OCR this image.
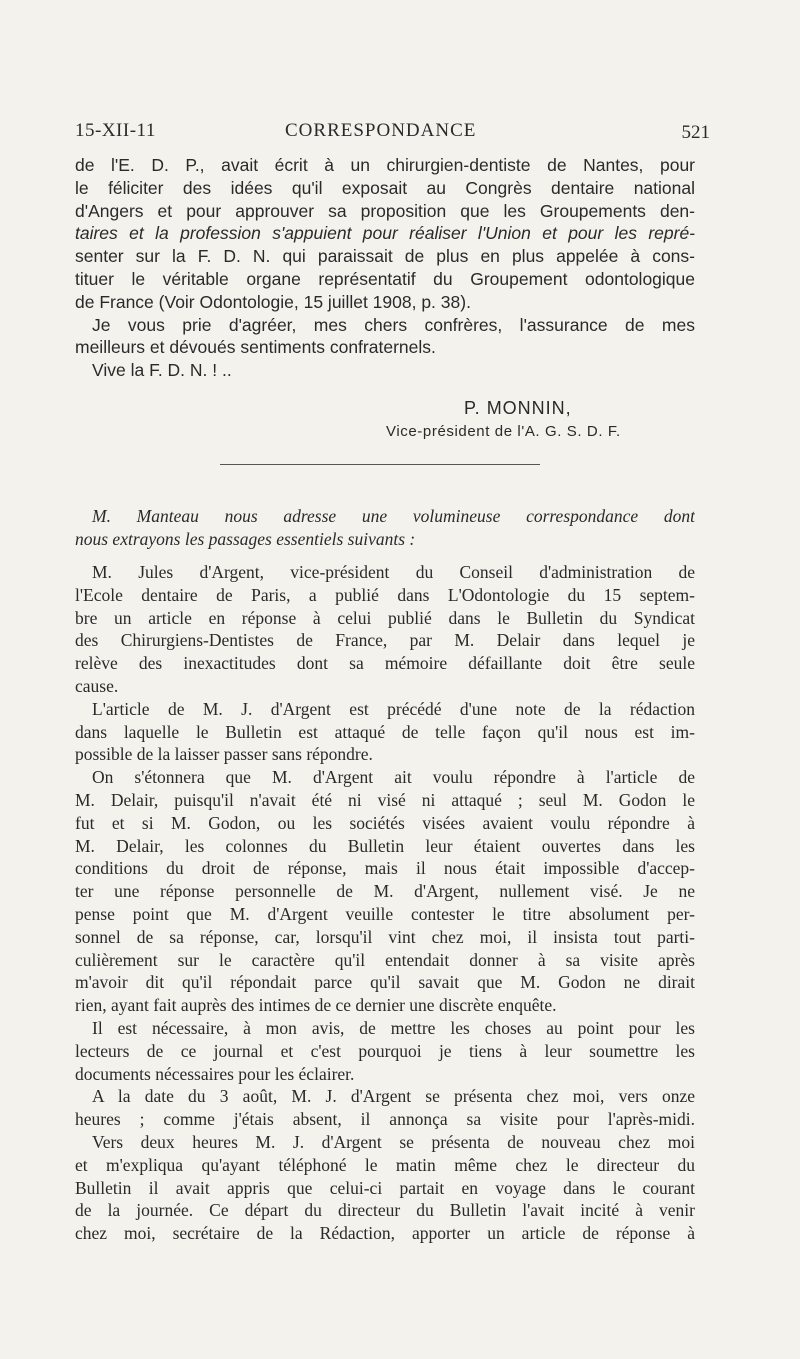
15-XII-11	CORRESPONDANCE	521
de l'E. D. P., avait écrit à un chirurgien-dentiste de Nantes, pour
le féliciter des idées qu'il exposait au Congrès dentaire national
d'Angers et pour approuver sa proposition que les Groupements den-
taires et la profession s'appuient pour réaliser l'Union et pour les repré-
senter sur la F. D. N. qui paraissait de plus en plus appelée à cons-
tituer le véritable organe représentatif du Groupement odontologique
de France (Voir Odontologie, 15 juillet 1908, p. 38).
Je vous prie d'agréer, mes chers confrères, l'assurance de mes
meilleurs et dévoués sentiments confraternels.
Vive la F. D. N. ! ..
P. MONNIN,
Vice-président de l'A. G. S. D. F.
M. Manteau nous adresse une volumineuse correspondance dont
nous extrayons les passages essentiels suivants :
M. Jules d'Argent, vice-président du Conseil d'administration de
l'Ecole dentaire de Paris, a publié dans L'Odontologie du 15 septem-
bre un article en réponse à celui publié dans le Bulletin du Syndicat
des Chirurgiens-Dentistes de France, par M. Delair dans lequel je
relève des inexactitudes dont sa mémoire défaillante doit être seule
cause.
L'article de M. J. d'Argent est précédé d'une note de la rédaction
dans laquelle le Bulletin est attaqué de telle façon qu'il nous est im-
possible de la laisser passer sans répondre.
On s'étonnera que M. d'Argent ait voulu répondre à l'article de
M. Delair, puisqu'il n'avait été ni visé ni attaqué ; seul M. Godon le
fut et si M. Godon, ou les sociétés visées avaient voulu répondre à
M. Delair, les colonnes du Bulletin leur étaient ouvertes dans les
conditions du droit de réponse, mais il nous était impossible d'accep-
ter une réponse personnelle de M. d'Argent, nullement visé. Je ne
pense point que M. d'Argent veuille contester le titre absolument per-
sonnel de sa réponse, car, lorsqu'il vint chez moi, il insista tout parti-
culièrement sur le caractère qu'il entendait donner à sa visite après
m'avoir dit qu'il répondait parce qu'il savait que M. Godon ne dirait
rien, ayant fait auprès des intimes de ce dernier une discrète enquête.
Il est nécessaire, à mon avis, de mettre les choses au point pour les
lecteurs de ce journal et c'est pourquoi je tiens à leur soumettre les
documents nécessaires pour les éclairer.
A la date du 3 août, M. J. d'Argent se présenta chez moi, vers onze
heures ; comme j'étais absent, il annonça sa visite pour l'après-midi.
Vers deux heures M. J. d'Argent se présenta de nouveau chez moi
et m'expliqua qu'ayant téléphoné le matin même chez le directeur du
Bulletin il avait appris que celui-ci partait en voyage dans le courant
de la journée. Ce départ du directeur du Bulletin l'avait incité à venir
chez moi, secrétaire de la Rédaction, apporter un article de réponse à
